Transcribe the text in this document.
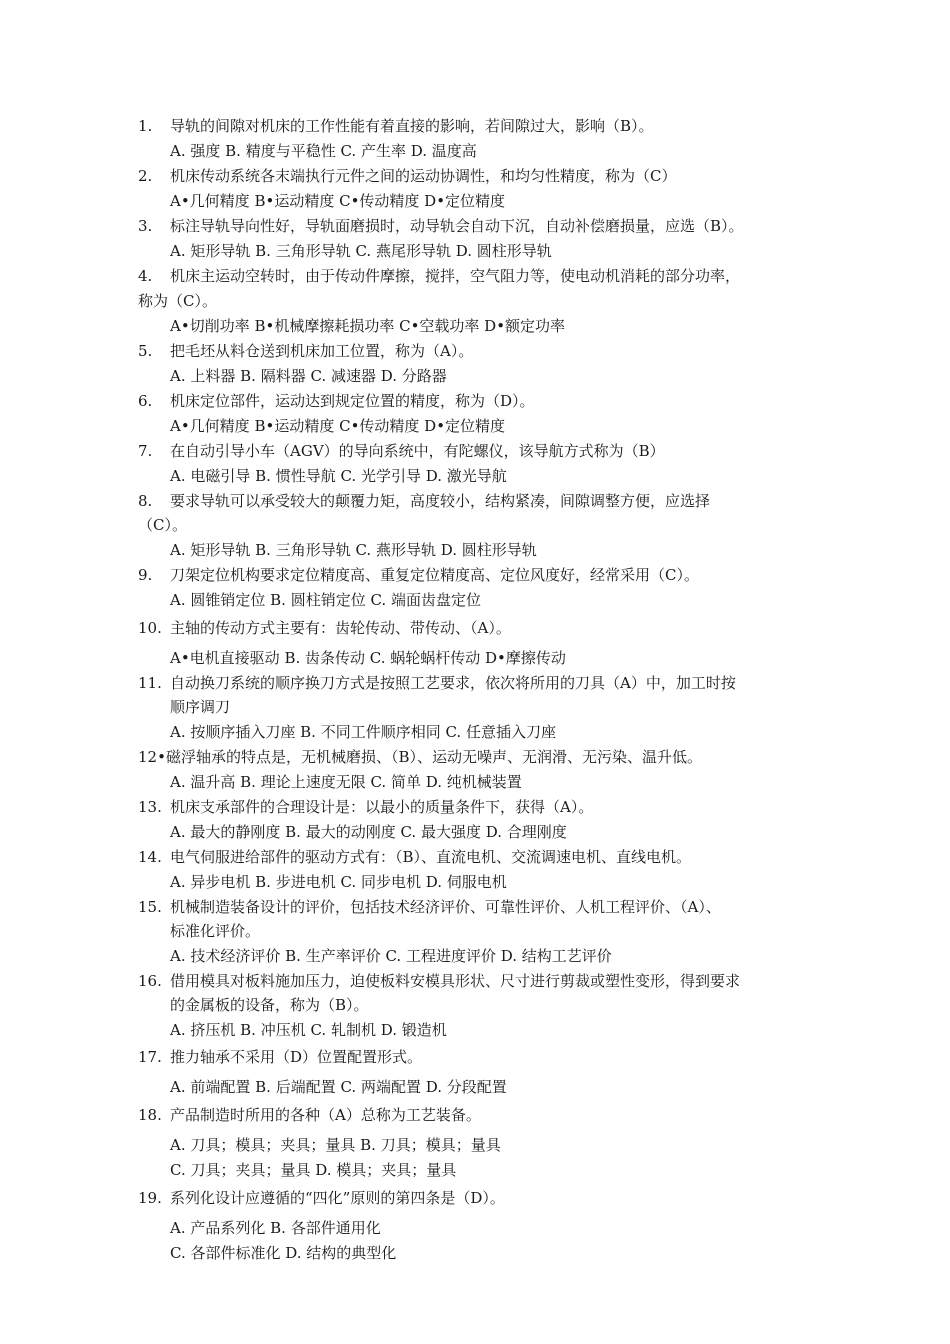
1. 导轨的间隙对机床的工作性能有着直接的影响，若间隙过大，影响（B）。
A. 强度 B. 精度与平稳性 C. 产生率 D. 温度高
2. 机床传动系统各末端执行元件之间的运动协调性，和均匀性精度，称为（C）
A•几何精度 B•运动精度 C•传动精度 D•定位精度
3. 标注导轨导向性好，导轨面磨损时，动导轨会自动下沉，自动补偿磨损量，应选（B）。
A. 矩形导轨 B. 三角形导轨 C. 燕尾形导轨 D. 圆柱形导轨
4. 机床主运动空转时，由于传动件摩擦，搅拌，空气阻力等，使电动机消耗的部分功率，
称为（C）。
A•切削功率 B•机械摩擦耗损功率 C•空载功率 D•额定功率
5. 把毛坯从料仓送到机床加工位置，称为（A）。
A. 上料器 B. 隔料器 C. 减速器 D. 分路器
6. 机床定位部件，运动达到规定位置的精度，称为（D）。
A•几何精度 B•运动精度 C•传动精度 D•定位精度
7. 在自动引导小车（AGV）的导向系统中，有陀螺仪，该导航方式称为（B）
A. 电磁引导 B. 惯性导航 C. 光学引导 D. 激光导航
8. 要求导轨可以承受较大的颠覆力矩，高度较小，结构紧凑，间隙调整方便，应选择
（C）。
A. 矩形导轨 B. 三角形导轨 C. 燕形导轨 D. 圆柱形导轨
9. 刀架定位机构要求定位精度高、重复定位精度高、定位风度好，经常采用（C）。
A. 圆锥销定位 B. 圆柱销定位 C. 端面齿盘定位
10. 主轴的传动方式主要有：齿轮传动、带传动、（A）。
A•电机直接驱动 B. 齿条传动 C. 蜗轮蜗杆传动 D•摩擦传动
11. 自动换刀系统的顺序换刀方式是按照工艺要求，依次将所用的刀具（A）中，加工时按
顺序调刀
A. 按顺序插入刀座 B. 不同工件顺序相同 C. 任意插入刀座
12•磁浮轴承的特点是，无机械磨损、（B）、运动无噪声、无润滑、无污染、温升低。
A. 温升高 B. 理论上速度无限 C. 简单 D. 纯机械装置
13. 机床支承部件的合理设计是：以最小的质量条件下，获得（A）。
A. 最大的静刚度 B. 最大的动刚度 C. 最大强度 D. 合理刚度
14. 电气伺服进给部件的驱动方式有：（B）、直流电机、交流调速电机、直线电机。
A. 异步电机 B. 步进电机 C. 同步电机 D. 伺服电机
15. 机械制造装备设计的评价，包括技术经济评价、可靠性评价、人机工程评价、（A）、
标准化评价。
A. 技术经济评价 B. 生产率评价 C. 工程进度评价 D. 结构工艺评价
16. 借用模具对板料施加压力，迫使板料安模具形状、尺寸进行剪裁或塑性变形，得到要求
的金属板的设备，称为（B）。
A. 挤压机 B. 冲压机 C. 轧制机 D. 锻造机
17. 推力轴承不采用（D）位置配置形式。
A. 前端配置 B. 后端配置 C. 两端配置 D. 分段配置
18. 产品制造时所用的各种（A）总称为工艺装备。
A. 刀具；模具；夹具；量具 B. 刀具；模具；量具
C. 刀具；夹具；量具 D. 模具；夹具；量具
19. 系列化设计应遵循的“四化”原则的第四条是（D）。
A. 产品系列化 B. 各部件通用化
C. 各部件标准化 D. 结构的典型化
